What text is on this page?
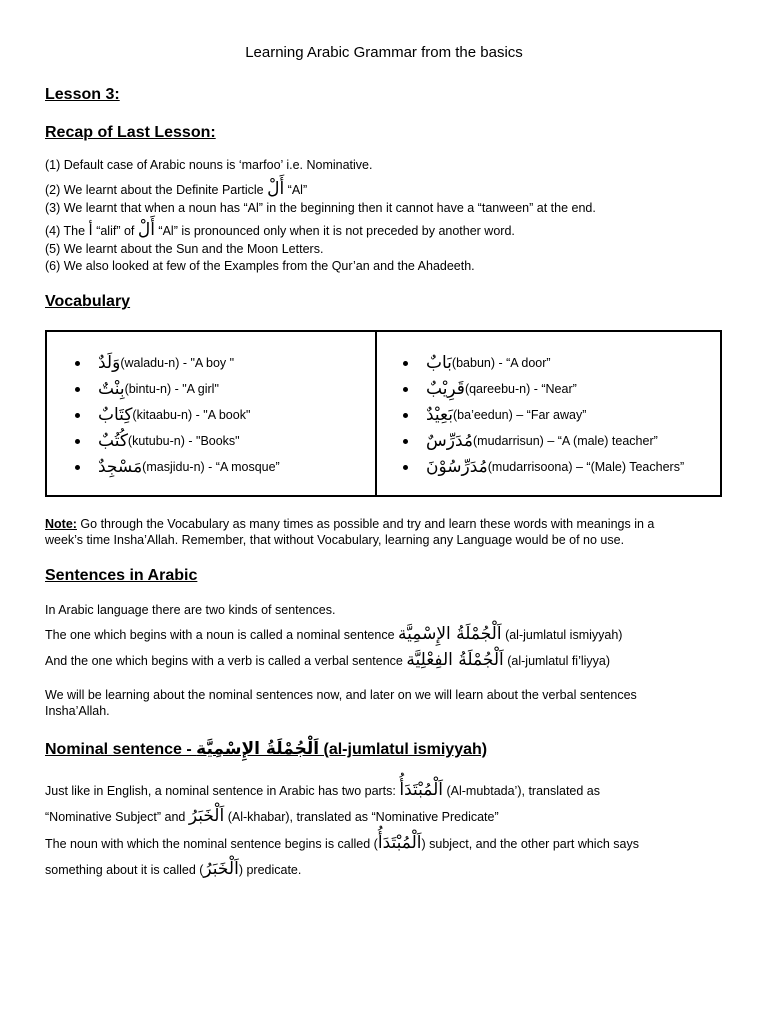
Learning Arabic Grammar from the basics
Lesson 3:
Recap of Last Lesson:
(1) Default case of Arabic nouns is ‘marfoo’ i.e. Nominative.
(2) We learnt about the Definite Particle أَلْ “Al”
(3) We learnt that when a noun has “Al” in the beginning then it cannot have a “tanween” at the end.
(4) The أ “alif” of أَلْ “Al” is pronounced only when it is not preceded by another word.
(5) We learnt about the Sun and the Moon Letters.
(6) We also looked at few of the Examples from the Qur’an and the Ahadeeth.
Vocabulary
وَلَدٌ (waladu-n) - "A boy "
بِنْتٌ (bintu-n) - "A girl"
كِتَابٌ (kitaabu-n) - "A book"
كُتُبٌ (kutubu-n) - "Books"
مَسْجِدٌ (masjidu-n) - “A mosque”
بَابٌ (babun) - “A door”
قَرِيْبٌ (qareebu-n) - “Near”
بَعِيْدٌ (ba’eedun) – “Far away”
مُدَرِّسٌ (mudarrisun) – “A (male) teacher”
مُدَرِّسُوْنَ (mudarrisoona) – “(Male) Teachers”
Note: Go through the Vocabulary as many times as possible and try and learn these words with meanings in a
week’s time Insha’Allah. Remember, that without Vocabulary, learning any Language would be of no use.
Sentences in Arabic
In Arabic language there are two kinds of sentences.
The one which begins with a noun is called a nominal sentence اَلْجُمْلَةُ الإِسْمِيَّة (al-jumlatul ismiyyah)
And the one which begins with a verb is called a verbal sentence اَلْجُمْلَةُ الفِعْلِيَّة (al-jumlatul fi’liyya)
We will be learning about the nominal sentences now, and later on we will learn about the verbal sentences
Insha’Allah.
Nominal sentence - اَلْجُمْلَةُ الإِسْمِيَّة (al-jumlatul ismiyyah)
Just like in English, a nominal sentence in Arabic has two parts: اَلْمُبْتَدَأُ (Al-mubtada’), translated as
“Nominative Subject” and اَلْخَبَرُ (Al-khabar), translated as “Nominative Predicate”
The noun with which the nominal sentence begins is called (اَلْمُبْتَدَأُ) subject, and the other part which says
something about it is called (اَلْخَبَرُ) predicate.
